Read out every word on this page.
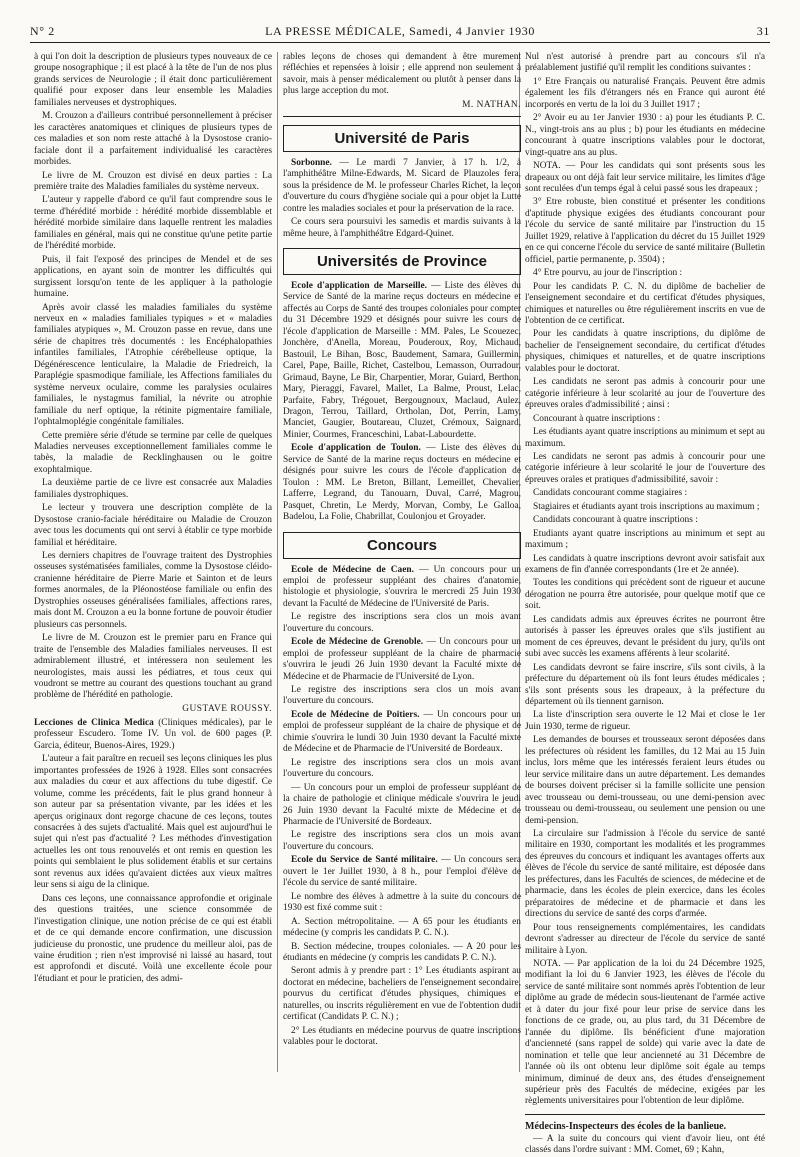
N° 2	LA PRESSE MÉDICALE, Samedi, 4 Janvier 1930	31

à qui l'on doit la description de plusieurs types nouveaux de ce groupe nosographique ; il est placé à la tête de l'un de nos plus grands services de Neurologie ; il était donc particulièrement qualifié pour exposer dans leur ensemble les Maladies familiales nerveuses et dystrophiques.

M. Crouzon a d'ailleurs contribué personnellement à préciser les caractères anatomiques et cliniques de plusieurs types de ces maladies et son nom reste attaché à la Dysostose cranio-faciale dont il a parfaitement individualisé les caractères morbides.

Le livre de M. Crouzon est divisé en deux parties : La première traite des Maladies familiales du système nerveux.

L'auteur y rappelle d'abord ce qu'il faut comprendre sous le terme d'hérédité morbide : hérédité morbide dissemblable et hérédité morbide similaire dans laquelle rentrent les maladies familiales en général, mais qui ne constitue qu'une petite partie de l'hérédité morbide.

Puis, il fait l'exposé des principes de Mendel et de ses applications, en ayant soin de montrer les difficultés qui surgissent lorsqu'on tente de les appliquer à la pathologie humaine.

Après avoir classé les maladies familiales du système nerveux en « maladies familiales typiques » et « maladies familiales atypiques », M. Crouzon passe en revue, dans une série de chapitres très documentés : les Encéphalopathies infantiles familiales, l'Atrophie cérébelleuse optique, la Dégénérescence lenticulaire, la Maladie de Friedreich, la Paraplégie spasmodique familiale, les Affections familiales du système nerveux oculaire, comme les paralysies oculaires familiales, le nystagmus familial, la névrite ou atrophie familiale du nerf optique, la rétinite pigmentaire familiale, l'ophtalmoplégie congénitale familiales.

Cette première série d'étude se termine par celle de quelques Maladies nerveuses exceptionnellement familiales comme le tabès, la maladie de Recklinghausen ou le goitre exophtalmique.

La deuxième partie de ce livre est consacrée aux Maladies familiales dystrophiques.

Le lecteur y trouvera une description complète de la Dysostose cranio-faciale héréditaire ou Maladie de Crouzon avec tous les documents qui ont servi à établir ce type morbide familial et héréditaire.

Les derniers chapitres de l'ouvrage traitent des Dystrophies osseuses systématisées familiales, comme la Dysostose cléido-cranienne héréditaire de Pierre Marie et Sainton et de leurs formes anormales, de la Pléonostéose familiale ou enfin des Dystrophies osseuses généralisées familiales, affections rares, mais dont M. Crouzon a eu la bonne fortune de pouvoir étudier plusieurs cas personnels.

Le livre de M. Crouzon est le premier paru en France qui traite de l'ensemble des Maladies familiales nerveuses. Il est admirablement illustré, et intéressera non seulement les neurologistes, mais aussi les pédiatres, et tous ceux qui voudront se mettre au courant des questions touchant au grand problème de l'hérédité en pathologie.

GUSTAVE ROUSSY.

Lecciones de Clinica Medica (Cliniques médicales), par le professeur Escudero. Tome IV. Un vol. de 600 pages (P. Garcia, éditeur, Buenos-Aires, 1929.)

L'auteur a fait paraître en recueil ses leçons cliniques les plus importantes professées de 1926 à 1928. Elles sont consacrées aux maladies du cœur et aux affections du tube digestif. Ce volume, comme les précédents, fait le plus grand honneur à son auteur par sa présentation vivante, par les idées et les aperçus originaux dont regorge chacune de ces leçons, toutes consacrées à des sujets d'actualité. Mais quel est aujourd'hui le sujet qui n'est pas d'actualité ? Les méthodes d'investigation actuelles les ont tous renouvelés et ont remis en question les points qui semblaient le plus solidement établis et sur certains sont revenus aux idées qu'avaient dictées aux vieux maîtres leur sens si aigu de la clinique.

Dans ces leçons, une connaissance approfondie et originale des questions traitées, une science consommée de l'investigation clinique, une notion précise de ce qui est établi et de ce qui demande encore confirmation, une discussion judicieuse du pronostic, une prudence du meilleur aloi, pas de vaine érudition ; rien n'est improvisé ni laissé au hasard, tout est approfondi et discuté. Voilà une excellente école pour l'étudiant et pour le praticien, des admi-

rables leçons de choses qui demandent à être murement réfléchies et repensées à loisir ; elle apprend non seulement à savoir, mais à penser médicalement ou plutôt à penser dans la plus large acception du mot.

M. NATHAN.
Université de Paris

Sorbonne. — Le mardi 7 Janvier, à 17 h. 1/2, à l'amphithéâtre Milne-Edwards, M. Sicard de Plauzoles fera, sous la présidence de M. le professeur Charles Richet, la leçon d'ouverture du cours d'hygiène sociale qui a pour objet la Lutte contre les maladies sociales et pour la préservation de la race.

Ce cours sera poursuivi les samedis et mardis suivants à la même heure, à l'amphithéâtre Edgard-Quinet.

Universités de Province

Ecole d'application de Marseille. — Liste des élèves du Service de Santé de la marine reçus docteurs en médecine et affectés au Corps de Santé des troupes coloniales pour compter du 31 Décembre 1929 et désignés pour suivre les cours de l'école d'application de Marseille : MM. Pales, Le Scouezec, Jonchère, d'Anella, Moreau, Pouderoux, Roy, Michaud, Bastouil, Le Bihan, Bosc, Baudement, Samara, Guillermin, Carel, Pape, Baille, Richet, Castelbou, Lemasson, Ourradour, Grimaud, Bayne, Le Bir, Charpentier, Morar, Guiard, Berthon, Mary, Pieraggi, Favarel, Mallet, La Balme, Proust, Lelac, Parfaite, Fabry, Trégouet, Bergougnoux, Maclaud, Aulez, Dragon, Terrou, Taillard, Ortholan, Dot, Perrin, Lamy, Manciet, Gaugier, Boutareau, Cluzet, Crémoux, Saignard, Minier, Courmes, Franceschini, Labat-Labourdette.

Ecole d'application de Toulon. — Liste des élèves du Service de Santé de la marine reçus docteurs en médecine et désignés pour suivre les cours de l'école d'application de Toulon : MM. Le Breton, Billant, Lemeillet, Chevalier, Lafferre, Legrand, du Tanouarn, Duval, Carré, Magrou, Pasquet, Chretin, Le Merdy, Morvan, Comby, Le Galloa, Badelou, La Folie, Chabrillat, Coulonjou et Groyader.

Concours

Ecole de Médecine de Caen. — Un concours pour un emploi de professeur suppléant des chaires d'anatomie, histologie et physiologie, s'ouvrira le mercredi 25 Juin 1930 devant la Faculté de Médecine de l'Université de Paris.

Le registre des inscriptions sera clos un mois avant l'ouverture du concours.

Ecole de Médecine de Grenoble. — Un concours pour un emploi de professeur suppléant de la chaire de pharmacie s'ouvrira le jeudi 26 Juin 1930 devant la Faculté mixte de Médecine et de Pharmacie de l'Université de Lyon.

Le registre des inscriptions sera clos un mois avant l'ouverture du concours.

Ecole de Médecine de Poitiers. — Un concours pour un emploi de professeur suppléant de la chaire de physique et de chimie s'ouvrira le lundi 30 Juin 1930 devant la Faculté mixte de Médecine et de Pharmacie de l'Université de Bordeaux.

Le registre des inscriptions sera clos un mois avant l'ouverture du concours.

— Un concours pour un emploi de professeur suppléant de la chaire de pathologie et clinique médicale s'ouvrira le jeudi 26 Juin 1930 devant la Faculté mixte de Médecine et de Pharmacie de l'Université de Bordeaux.

Le registre des inscriptions sera clos un mois avant l'ouverture du concours.

Ecole du Service de Santé militaire. — Un concours sera ouvert le 1er Juillet 1930, à 8 h., pour l'emploi d'élève de l'école du service de santé militaire.

Le nombre des élèves à admettre à la suite du concours de 1930 est fixé comme suit :

A. Section métropolitaine. — A 65 pour les étudiants en médecine (y compris les candidats P. C. N.).

B. Section médecine, troupes coloniales. — A 20 pour les étudiants en médecine (y compris les candidats P. C. N.).

Seront admis à y prendre part : 1° Les étudiants aspirant au doctorat en médecine, bacheliers de l'enseignement secondaire, pourvus du certificat d'études physiques, chimiques et naturelles, ou inscrits régulièrement en vue de l'obtention dudit certificat (Candidats P. C. N.) ;

2° Les étudiants en médecine pourvus de quatre inscriptions valables pour le doctorat.

Nul n'est autorisé à prendre part au concours s'il n'a préalablement justifié qu'il remplit les conditions suivantes :

1° Etre Français ou naturalisé Français. Peuvent être admis également les fils d'étrangers nés en France qui auront été incorporés en vertu de la loi du 3 Juillet 1917 ;

2° Avoir eu au 1er Janvier 1930 : a) pour les étudiants P. C. N., vingt-trois ans au plus ; b) pour les étudiants en médecine concourant à quatre inscriptions valables pour le doctorat, vingt-quatre ans au plus.

NOTA. — Pour les candidats qui sont présents sous les drapeaux ou ont déjà fait leur service militaire, les limites d'âge sont reculées d'un temps égal à celui passé sous les drapeaux ;

3° Etre robuste, bien constitué et présenter les conditions d'aptitude physique exigées des étudiants concourant pour l'école du service de santé militaire par l'instruction du 15 Juillet 1929, relative à l'application du décret du 15 Juillet 1929 en ce qui concerne l'école du service de santé militaire (Bulletin officiel, partie permanente, p. 3504) ;

4° Etre pourvu, au jour de l'inscription :

Pour les candidats P. C. N. du diplôme de bachelier de l'enseignement secondaire et du certificat d'études physiques, chimiques et naturelles ou être régulièrement inscrits en vue de l'obtention de ce certificat.

Pour les candidats à quatre inscriptions, du diplôme de bachelier de l'enseignement secondaire, du certificat d'études physiques, chimiques et naturelles, et de quatre inscriptions valables pour le doctorat.

Les candidats ne seront pas admis à concourir pour une catégorie inférieure à leur scolarité au jour de l'ouverture des épreuves orales d'admissibilité ; ainsi :

Concourant à quatre inscriptions :

Les étudiants ayant quatre inscriptions au minimum et sept au maximum.

Les candidats ne seront pas admis à concourir pour une catégorie inférieure à leur scolarité le jour de l'ouverture des épreuves orales et pratiques d'admissibilité, savoir :

Candidats concourant comme stagiaires :

Stagiaires et étudiants ayant trois inscriptions au maximum ;

Candidats concourant à quatre inscriptions :

Etudiants ayant quatre inscriptions au minimum et sept au maximum ;

Les candidats à quatre inscriptions devront avoir satisfait aux examens de fin d'année correspondants (1re et 2e année).

Toutes les conditions qui précèdent sont de rigueur et aucune dérogation ne pourra être autorisée, pour quelque motif que ce soit.

Les candidats admis aux épreuves écrites ne pourront être autorisés à passer les épreuves orales que s'ils justifient au moment de ces épreuves, devant le président du jury, qu'ils ont subi avec succès les examens afférents à leur scolarité.

Les candidats devront se faire inscrire, s'ils sont civils, à la préfecture du département où ils font leurs études médicales ; s'ils sont présents sous les drapeaux, à la préfecture du département où ils tiennent garnison.

La liste d'inscription sera ouverte le 12 Mai et close le 1er Juin 1930, terme de rigueur.

Les demandes de bourses et trousseaux seront déposées dans les préfectures où résident les familles, du 12 Mai au 15 Juin inclus, lors même que les intéressés feraient leurs études ou leur service militaire dans un autre département. Les demandes de bourses doivent préciser si la famille sollicite une pension avec trousseau ou demi-trousseau, ou une demi-pension avec trousseau ou demi-trousseau, ou seulement une pension ou une demi-pension.

La circulaire sur l'admission à l'école du service de santé militaire en 1930, comportant les modalités et les programmes des épreuves du concours et indiquant les avantages offerts aux élèves de l'école du service de santé militaire, est déposée dans les préfectures, dans les Facultés de sciences, de médecine et de pharmacie, dans les écoles de plein exercice, dans les écoles préparatoires de médecine et de pharmacie et dans les directions du service de santé des corps d'armée.

Pour tous renseignements complémentaires, les candidats devront s'adresser au directeur de l'école du service de santé militaire à Lyon.

NOTA. — Par application de la loi du 24 Décembre 1925, modifiant la loi du 6 Janvier 1923, les élèves de l'école du service de santé militaire sont nommés après l'obtention de leur diplôme au grade de médecin sous-lieutenant de l'armée active et à dater du jour fixé pour leur prise de service dans les fonctions de ce grade, ou, au plus tard, du 31 Décembre de l'année du diplôme. Ils bénéficient d'une majoration d'ancienneté (sans rappel de solde) qui varie avec la date de nomination et telle que leur ancienneté au 31 Décembre de l'année où ils ont obtenu leur diplôme soit égale au temps minimum, diminué de deux ans, des études d'enseignement supérieur près des Facultés de médecine, exigées par les règlements universitaires pour l'obtention de leur diplôme.

Médecins-Inspecteurs des écoles de la banlieue.

— A la suite du concours qui vient d'avoir lieu, ont été classés dans l'ordre suivant : MM. Comet, 69 ; Kahn,
